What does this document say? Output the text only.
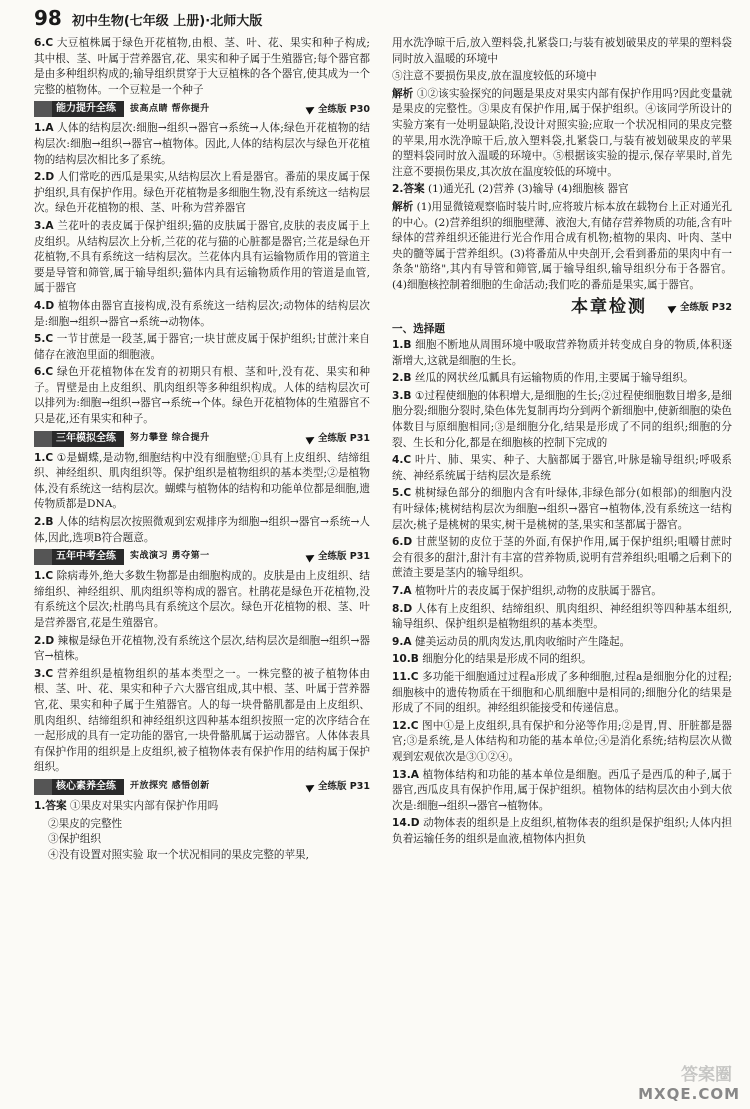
98 初中生物(七年级 上册)·北师大版

6.C 大豆植株属于绿色开花植物,由根、茎、叶、花、果实和种子构成;其中根、茎、叶属于营养器官,花、果实和种子属于生殖器官;每个器官都是由多种组织构成的;输导组织贯穿于大豆植株的各个器官,使其成为一个完整的植物体。一个豆粒是一个种子

能力提升全练	拔高点睛 帮你提升	全练版 P30

1.A 人体的结构层次:细胞→组织→器官→系统→人体;绿色开花植物的结构层次:细胞→组织→器官→植物体。因此,人体的结构层次与绿色开花植物的结构层次相比多了系统。

2.D 人们常吃的西瓜是果实,从结构层次上看是器官。番茄的果皮属于保护组织,具有保护作用。绿色开花植物是多细胞生物,没有系统这一结构层次。绿色开花植物的根、茎、叶称为营养器官

3.A 兰花叶的表皮属于保护组织;猫的皮肤属于器官,皮肤的表皮属于上皮组织。从结构层次上分析,兰花的花与猫的心脏都是器官;兰花是绿色开花植物,不具有系统这一结构层次。兰花体内具有运输物质作用的管道主要是导管和筛管,属于输导组织;猫体内具有运输物质作用的管道是血管,属于器官

4.D 植物体由器官直接构成,没有系统这一结构层次;动物体的结构层次是:细胞→组织→器官→系统→动物体。

5.C 一节甘蔗是一段茎,属于器官;一块甘蔗皮属于保护组织;甘蔗汁来自储存在液泡里面的细胞液。

6.C 绿色开花植物体在发育的初期只有根、茎和叶,没有花、果实和种子。胃壁是由上皮组织、肌肉组织等多种组织构成。人体的结构层次可以排列为:细胞→组织→器官→系统→个体。绿色开花植物体的生殖器官不只是花,还有果实和种子。

三年模拟全练	努力攀登 综合提升	全练版 P31

1.C ①是蝴蝶,是动物,细胞结构中没有细胞壁;①具有上皮组织、结缔组织、神经组织、肌肉组织等。保护组织是植物组织的基本类型;②是植物体,没有系统这一结构层次。蝴蝶与植物体的结构和功能单位都是细胞,遗传物质都是DNA。

2.B 人体的结构层次按照微观到宏观排序为细胞→组织→器官→系统→人体,因此,选项B符合题意。

五年中考全练	实战演习 勇夺第一	全练版 P31

1.C 除病毒外,绝大多数生物都是由细胞构成的。皮肤是由上皮组织、结缔组织、神经组织、肌肉组织等构成的器官。杜鹃花是绿色开花植物,没有系统这个层次;杜鹃鸟具有系统这个层次。绿色开花植物的根、茎、叶是营养器官,花是生殖器官。

2.D 辣椒是绿色开花植物,没有系统这个层次,结构层次是细胞→组织→器官→植株。

3.C 营养组织是植物组织的基本类型之一。一株完整的被子植物体由根、茎、叶、花、果实和种子六大器官组成,其中根、茎、叶属于营养器官,花、果实和种子属于生殖器官。人的每一块骨骼肌都是由上皮组织、肌肉组织、结缔组织和神经组织这四种基本组织按照一定的次序结合在一起形成的具有一定功能的器官,一块骨骼肌属于运动器官。人体体表具有保护作用的组织是上皮组织,被子植物体表有保护作用的结构属于保护组织。

核心素养全练	开放探究 感悟创新	全练版 P31

1.答案 ①果皮对果实内部有保护作用吗

②果皮的完整性

③保护组织

④没有设置对照实验 取一个状况相同的果皮完整的苹果,

用水洗净晾干后,放入塑料袋,扎紧袋口;与装有被划破果皮的苹果的塑料袋同时放入温暖的环境中

⑤注意不要损伤果皮,放在温度较低的环境中

解析 ①②该实验探究的问题是果皮对果实内部有保护作用吗?因此变量就是果皮的完整性。③果皮有保护作用,属于保护组织。④该同学所设计的实验方案有一处明显缺陷,没设计对照实验;应取一个状况相同的果皮完整的苹果,用水洗净晾干后,放入塑料袋,扎紧袋口,与装有被划破果皮的苹果的塑料袋同时放入温暖的环境中。⑤根据该实验的提示,保存苹果时,首先注意不要损伤果皮,其次放在温度较低的环境中。

2.答案 (1)通光孔 (2)营养 (3)输导 (4)细胞核 器官

解析 (1)用显微镜观察临时装片时,应将玻片标本放在载物台上正对通光孔的中心。(2)营养组织的细胞壁薄、液泡大,有储存营养物质的功能,含有叶绿体的营养组织还能进行光合作用合成有机物;植物的果肉、叶肉、茎中央的髓等属于营养组织。(3)将番茄从中央剖开,会看到番茄的果肉中有一条条"筋络",其内有导管和筛管,属于输导组织,输导组织分布于各器官。(4)细胞核控制着细胞的生命活动;我们吃的番茄是果实,属于器官。

本章检测	全练版 P32

一、选择题

1.B 细胞不断地从周围环境中吸取营养物质并转变成自身的物质,体积逐渐增大,这就是细胞的生长。

2.B 丝瓜的网状丝瓜瓤具有运输物质的作用,主要属于输导组织。

3.B ①过程使细胞的体积增大,是细胞的生长;②过程使细胞数目增多,是细胞分裂;细胞分裂时,染色体先复制再均分到两个新细胞中,使新细胞的染色体数目与原细胞相同;③是细胞分化,结果是形成了不同的组织;细胞的分裂、生长和分化,都是在细胞核的控制下完成的

4.C 叶片、肺、果实、种子、大脑都属于器官,叶脉是输导组织;呼吸系统、神经系统属于结构层次是系统

5.C 桃树绿色部分的细胞内含有叶绿体,非绿色部分(如根部)的细胞内没有叶绿体;桃树结构层次为细胞→组织→器官→植物体,没有系统这一结构层次;桃子是桃树的果实,树干是桃树的茎,果实和茎都属于器官。

6.D 甘蔗坚韧的皮位于茎的外面,有保护作用,属于保护组织;咀嚼甘蔗时会有很多的甜汁,甜汁有丰富的营养物质,说明有营养组织;咀嚼之后剩下的蔗渣主要是茎内的输导组织。

7.A 植物叶片的表皮属于保护组织,动物的皮肤属于器官。

8.D 人体有上皮组织、结缔组织、肌肉组织、神经组织等四种基本组织,输导组织、保护组织是植物组织的基本类型。

9.A 健美运动员的肌肉发达,肌肉收缩时产生隆起。

10.B 细胞分化的结果是形成不同的组织。

11.C 多功能干细胞通过过程a形成了多种细胞,过程a是细胞分化的过程;细胞核中的遗传物质在干细胞和心肌细胞中是相同的;细胞分化的结果是形成了不同的组织。神经组织能接受和传递信息。

12.C 图中①是上皮组织,具有保护和分泌等作用;②是胃,胃、肝脏都是器官;③是系统,是人体结构和功能的基本单位;④是消化系统;结构层次从微观到宏观依次是③①②④。

13.A 植物体结构和功能的基本单位是细胞。西瓜子是西瓜的种子,属于器官,西瓜皮具有保护作用,属于保护组织。植物体的结构层次由小到大依次是:细胞→组织→器官→植物体。

14.D 动物体表的组织是上皮组织,植物体表的组织是保护组织;人体内担负着运输任务的组织是血液,植物体内担负

答案圈
MXQE.COM
